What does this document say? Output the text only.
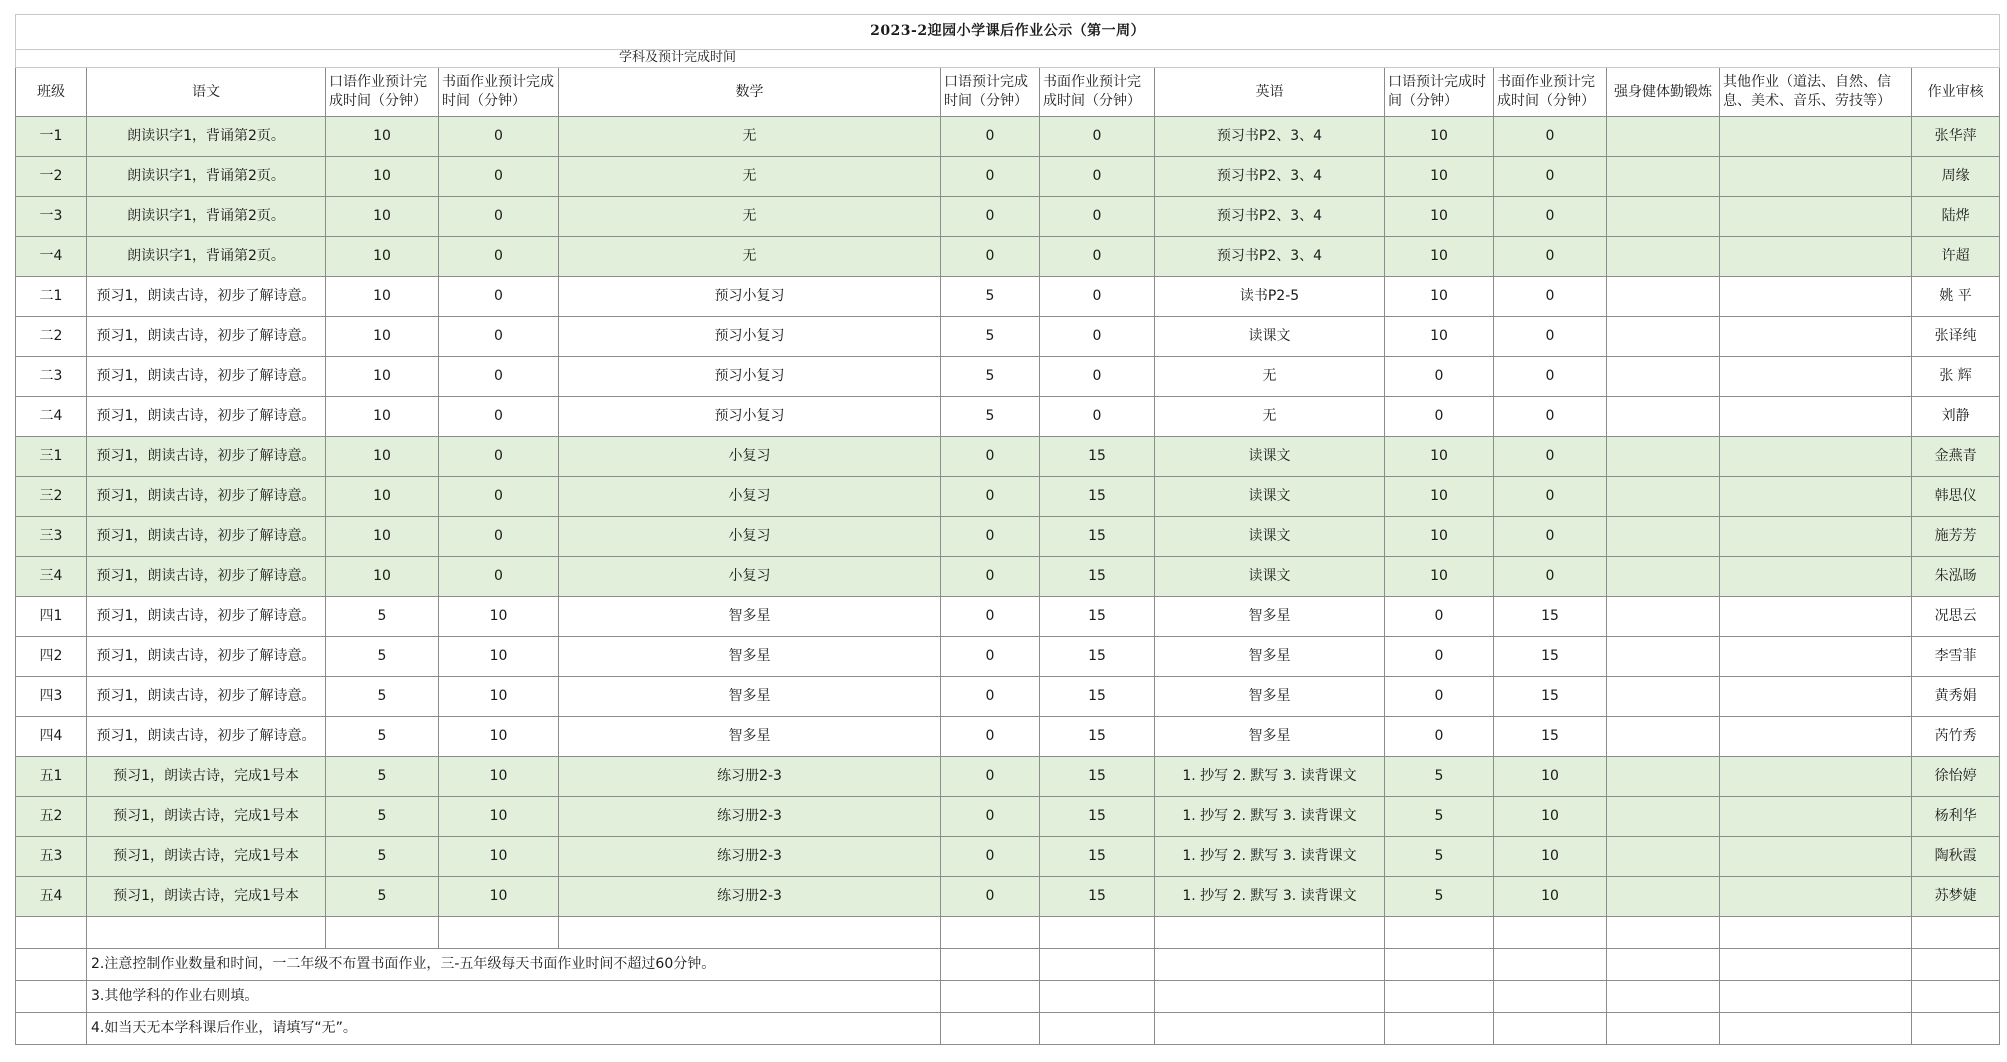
2023-2迎园小学课后作业公示（第一周）												
学科及预计完成时间												
班级	语文	口语作业预计完成时间（分钟）	书面作业预计完成时间（分钟）	数学	口语预计完成时间（分钟）	书面作业预计完成时间（分钟）	英语	口语预计完成时间（分钟）	书面作业预计完成时间（分钟）	强身健体勤锻炼	其他作业（道法、自然、信息、美术、音乐、劳技等）	作业审核
一1	朗读识字1，背诵第2页。	10	0	无	0	0	预习书P2、3、4	10	0			张华萍
一2	朗读识字1，背诵第2页。	10	0	无	0	0	预习书P2、3、4	10	0			周缘
一3	朗读识字1，背诵第2页。	10	0	无	0	0	预习书P2、3、4	10	0			陆烨
一4	朗读识字1，背诵第2页。	10	0	无	0	0	预习书P2、3、4	10	0			许超
二1	预习1，朗读古诗，初步了解诗意。	10	0	预习小复习	5	0	读书P2-5	10	0			姚 平
二2	预习1，朗读古诗，初步了解诗意。	10	0	预习小复习	5	0	读课文	10	0			张译纯
二3	预习1，朗读古诗，初步了解诗意。	10	0	预习小复习	5	0	无	0	0			张 辉
二4	预习1，朗读古诗，初步了解诗意。	10	0	预习小复习	5	0	无	0	0			刘静
三1	预习1，朗读古诗，初步了解诗意。	10	0	小复习	0	15	读课文	10	0			金燕青
三2	预习1，朗读古诗，初步了解诗意。	10	0	小复习	0	15	读课文	10	0			韩思仪
三3	预习1，朗读古诗，初步了解诗意。	10	0	小复习	0	15	读课文	10	0			施芳芳
三4	预习1，朗读古诗，初步了解诗意。	10	0	小复习	0	15	读课文	10	0			朱泓旸
四1	预习1，朗读古诗，初步了解诗意。	5	10	智多星	0	15	智多星	0	15			况思云
四2	预习1，朗读古诗，初步了解诗意。	5	10	智多星	0	15	智多星	0	15			李雪菲
四3	预习1，朗读古诗，初步了解诗意。	5	10	智多星	0	15	智多星	0	15			黄秀娟
四4	预习1，朗读古诗，初步了解诗意。	5	10	智多星	0	15	智多星	0	15			芮竹秀
五1	预习1，朗读古诗，完成1号本	5	10	练习册2-3	0	15	1. 抄写 2. 默写 3. 读背课文	5	10			徐怡婷
五2	预习1，朗读古诗，完成1号本	5	10	练习册2-3	0	15	1. 抄写 2. 默写 3. 读背课文	5	10			杨利华
五3	预习1，朗读古诗，完成1号本	5	10	练习册2-3	0	15	1. 抄写 2. 默写 3. 读背课文	5	10			陶秋霞
五4	预习1，朗读古诗，完成1号本	5	10	练习册2-3	0	15	1. 抄写 2. 默写 3. 读背课文	5	10			苏梦婕

	2.注意控制作业数量和时间，一二年级不布置书面作业，三-五年级每天书面作业时间不超过60分钟。											
	3.其他学科的作业右则填。											
	4.如当天无本学科课后作业，请填写“无”。											
